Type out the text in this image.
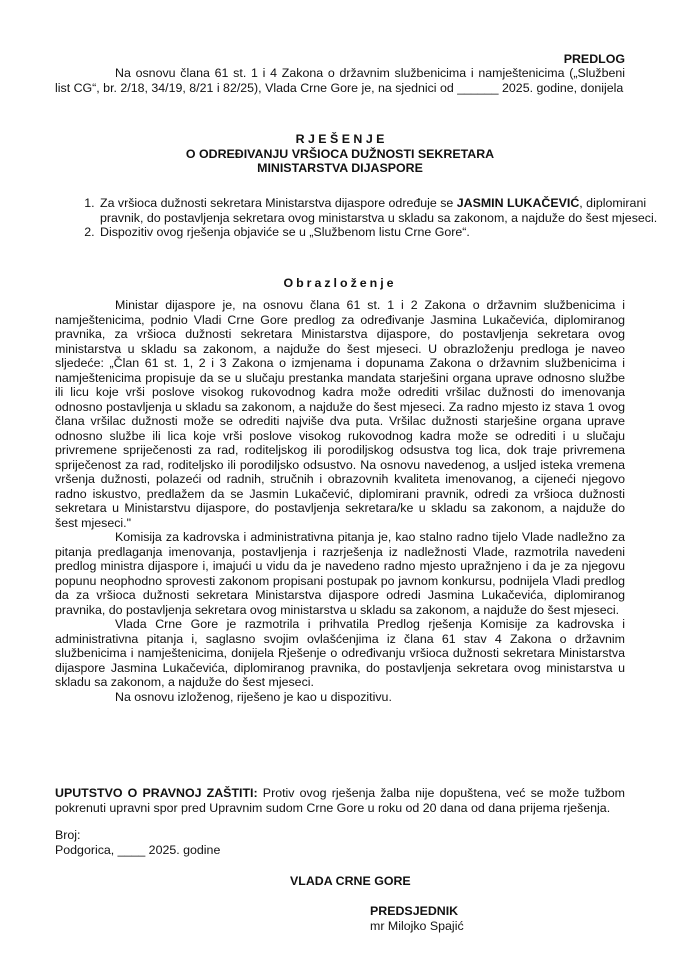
PREDLOG

Na osnovu člana 61 st. 1 i 4 Zakona o državnim službenicima i namještenicima („Službeni list CG“, br. 2/18, 34/19, 8/21 i 82/25), Vlada Crne Gore je, na sjednici od ______ 2025. godine, donijela

R J E Š E N J E
O ODREĐIVANJU VRŠIOCA DUŽNOSTI SEKRETARA
MINISTARSTVA DIJASPORE
1. Za vršioca dužnosti sekretara Ministarstva dijaspore određuje se JASMIN LUKAČEVIĆ, diplomirani pravnik, do postavljenja sekretara ovog ministarstva u skladu sa zakonom, a najduže do šest mjeseci.
2. Dispozitiv ovog rješenja objaviće se u „Službenom listu Crne Gore“.
Obrazloženje

Ministar dijaspore je, na osnovu člana 61 st. 1 i 2 Zakona o državnim službenicima i namještenicima, podnio Vladi Crne Gore predlog za određivanje Jasmina Lukačevića, diplomiranog pravnika, za vršioca dužnosti sekretara Ministarstva dijaspore, do postavljenja sekretara ovog ministarstva u skladu sa zakonom, a najduže do šest mjeseci. U obrazloženju predloga je naveo sljedeće: „Član 61 st. 1, 2 i 3 Zakona o izmjenama i dopunama Zakona o državnim službenicima i namještenicima propisuje da se u slučaju prestanka mandata starješini organa uprave odnosno službe ili licu koje vrši poslove visokog rukovodnog kadra može odrediti vršilac dužnosti do imenovanja odnosno postavljenja u skladu sa zakonom, a najduže do šest mjeseci. Za radno mjesto iz stava 1 ovog člana vršilac dužnosti može se odrediti najviše dva puta. Vršilac dužnosti starješine organa uprave odnosno službe ili lica koje vrši poslove visokog rukovodnog kadra može se odrediti i u slučaju privremene spriječenosti za rad, roditeljskog ili porodiljskog odsustva tog lica, dok traje privremena spriječenost za rad, roditeljsko ili porodiljsko odsustvo. Na osnovu navedenog, a usljed isteka vremena vršenja dužnosti, polazeći od radnih, stručnih i obrazovnih kvaliteta imenovanog, a cijeneći njegovo radno iskustvo, predlažem da se Jasmin Lukačević, diplomirani pravnik, odredi za vršioca dužnosti sekretara u Ministarstvu dijaspore, do postavljenja sekretara/ke u skladu sa zakonom, a najduže do šest mjeseci."

Komisija za kadrovska i administrativna pitanja je, kao stalno radno tijelo Vlade nadležno za pitanja predlaganja imenovanja, postavljenja i razrješenja iz nadležnosti Vlade, razmotrila navedeni predlog ministra dijaspore i, imajući u vidu da je navedeno radno mjesto upražnjeno i da je za njegovu popunu neophodno sprovesti zakonom propisani postupak po javnom konkursu, podnijela Vladi predlog da za vršioca dužnosti sekretara Ministarstva dijaspore odredi Jasmina Lukačevića, diplomiranog pravnika, do postavljenja sekretara ovog ministarstva u skladu sa zakonom, a najduže do šest mjeseci.

Vlada Crne Gore je razmotrila i prihvatila Predlog rješenja Komisije za kadrovska i administrativna pitanja i, saglasno svojim ovlašćenjima iz člana 61 stav 4 Zakona o državnim službenicima i namještenicima, donijela Rješenje o određivanju vršioca dužnosti sekretara Ministarstva dijaspore Jasmina Lukačevića, diplomiranog pravnika, do postavljenja sekretara ovog ministarstva u skladu sa zakonom, a najduže do šest mjeseci.

Na osnovu izloženog, riješeno je kao u dispozitivu.

UPUTSTVO O PRAVNOJ ZAŠTITI: Protiv ovog rješenja žalba nije dopuštena, već se može tužbom pokrenuti upravni spor pred Upravnim sudom Crne Gore u roku od 20 dana od dana prijema rješenja.

Broj:
Podgorica, ____ 2025. godine
VLADA CRNE GORE
PREDSJEDNIK
mr Milojko Spajić
